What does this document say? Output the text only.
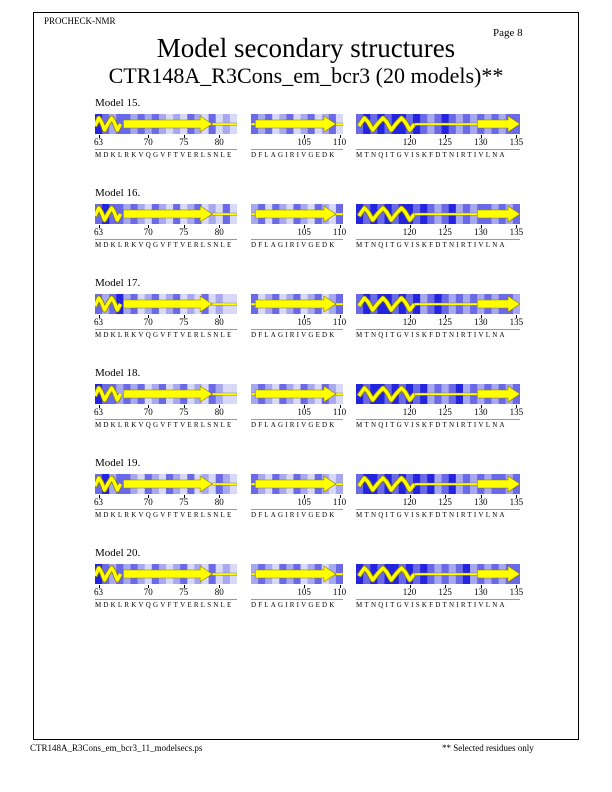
PROCHECK-NMR
Page 8
Model secondary structures
CTR148A_R3Cons_em_bcr3 (20 models)**
Model 15.
63	70	75	80
MDKLRKVQGVFTVERLSNLE
105 110
DFLAGIRIVGEDK
120 125 130 135
MTNQITGVISKFDTNIRTIVLNA
Model 16.
63	70	75	80
MDKLRKVQGVFTVERLSNLE
105 110
DFLAGIRIVGEDK
120 125 130 135
MTNQITGVISKFDTNIRTIVLNA
Model 17.
63	70	75	80
MDKLRKVQGVFTVERLSNLE
105 110
DFLAGIRIVGEDK
120 125 130 135
MTNQITGVISKFDTNIRTIVLNA
Model 18.
63	70	75	80
MDKLRKVQGVFTVERLSNLE
105 110
DFLAGIRIVGEDK
120 125 130 135
MTNQITGVISKFDTNIRTIVLNA
Model 19.
63	70	75	80
MDKLRKVQGVFTVERLSNLE
105 110
DFLAGIRIVGEDK
120 125 130 135
MTNQITGVISKFDTNIRTIVLNA
Model 20.
63	70	75	80
MDKLRKVQGVFTVERLSNLE
105 110
DFLAGIRIVGEDK
120 125 130 135
MTNQITGVISKFDTNIRTIVLNA
CTR148A_R3Cons_em_bcr3_11_modelsecs.ps	** Selected residues only
